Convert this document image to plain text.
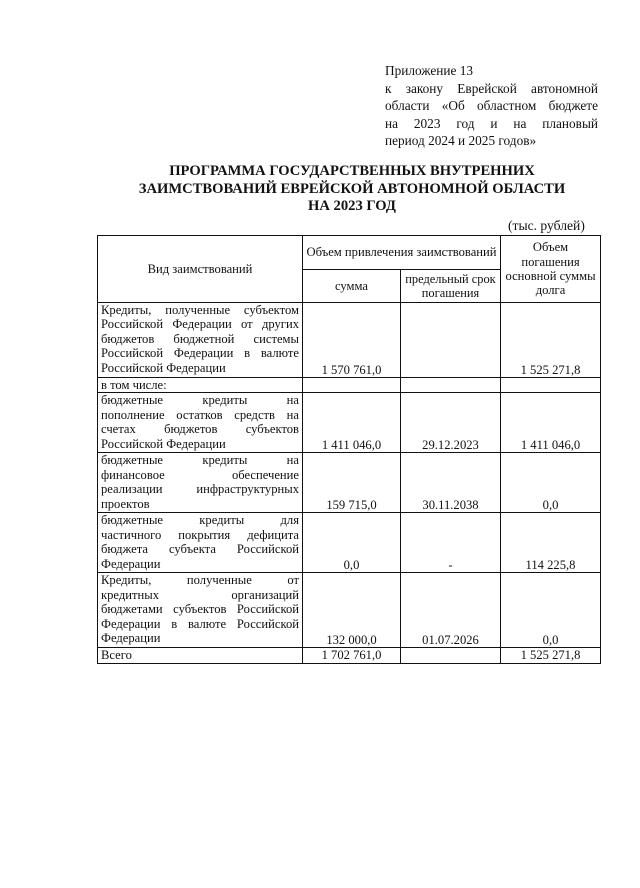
Приложение 13
к закону Еврейской автономной
области «Об областном бюджете
на 2023 год и на плановый
период 2024 и 2025 годов»
ПРОГРАММА ГОСУДАРСТВЕННЫХ ВНУТРЕННИХ
ЗАИМСТВОВАНИЙ ЕВРЕЙСКОЙ АВТОНОМНОЙ ОБЛАСТИ
НА 2023 ГОД
(тыс. рублей)
Вид заимствований	Объем привлечения заимствований		Объем погашения основной суммы долга
	сумма	предельный срок погашения	

Кредиты, полученные субъектом
Российской Федерации от других
бюджетов бюджетной системы
Российской Федерации в валюте
Российской Федерации	1 570 761,0		1 525 271,8
в том числе:			

бюджетные кредиты на
пополнение остатков средств на
счетах бюджетов субъектов
Российской Федерации	1 411 046,0	29.12.2023	1 411 046,0

бюджетные кредиты на
финансовое обеспечение
реализации инфраструктурных
проектов	159 715,0	30.11.2038	0,0

бюджетные кредиты для
частичного покрытия дефицита
бюджета субъекта Российской
Федерации	0,0	-	114 225,8

Кредиты, полученные от
кредитных организаций
бюджетами субъектов Российской
Федерации в валюте Российской
Федерации	132 000,0	01.07.2026	0,0
Всего	1 702 761,0		1 525 271,8
